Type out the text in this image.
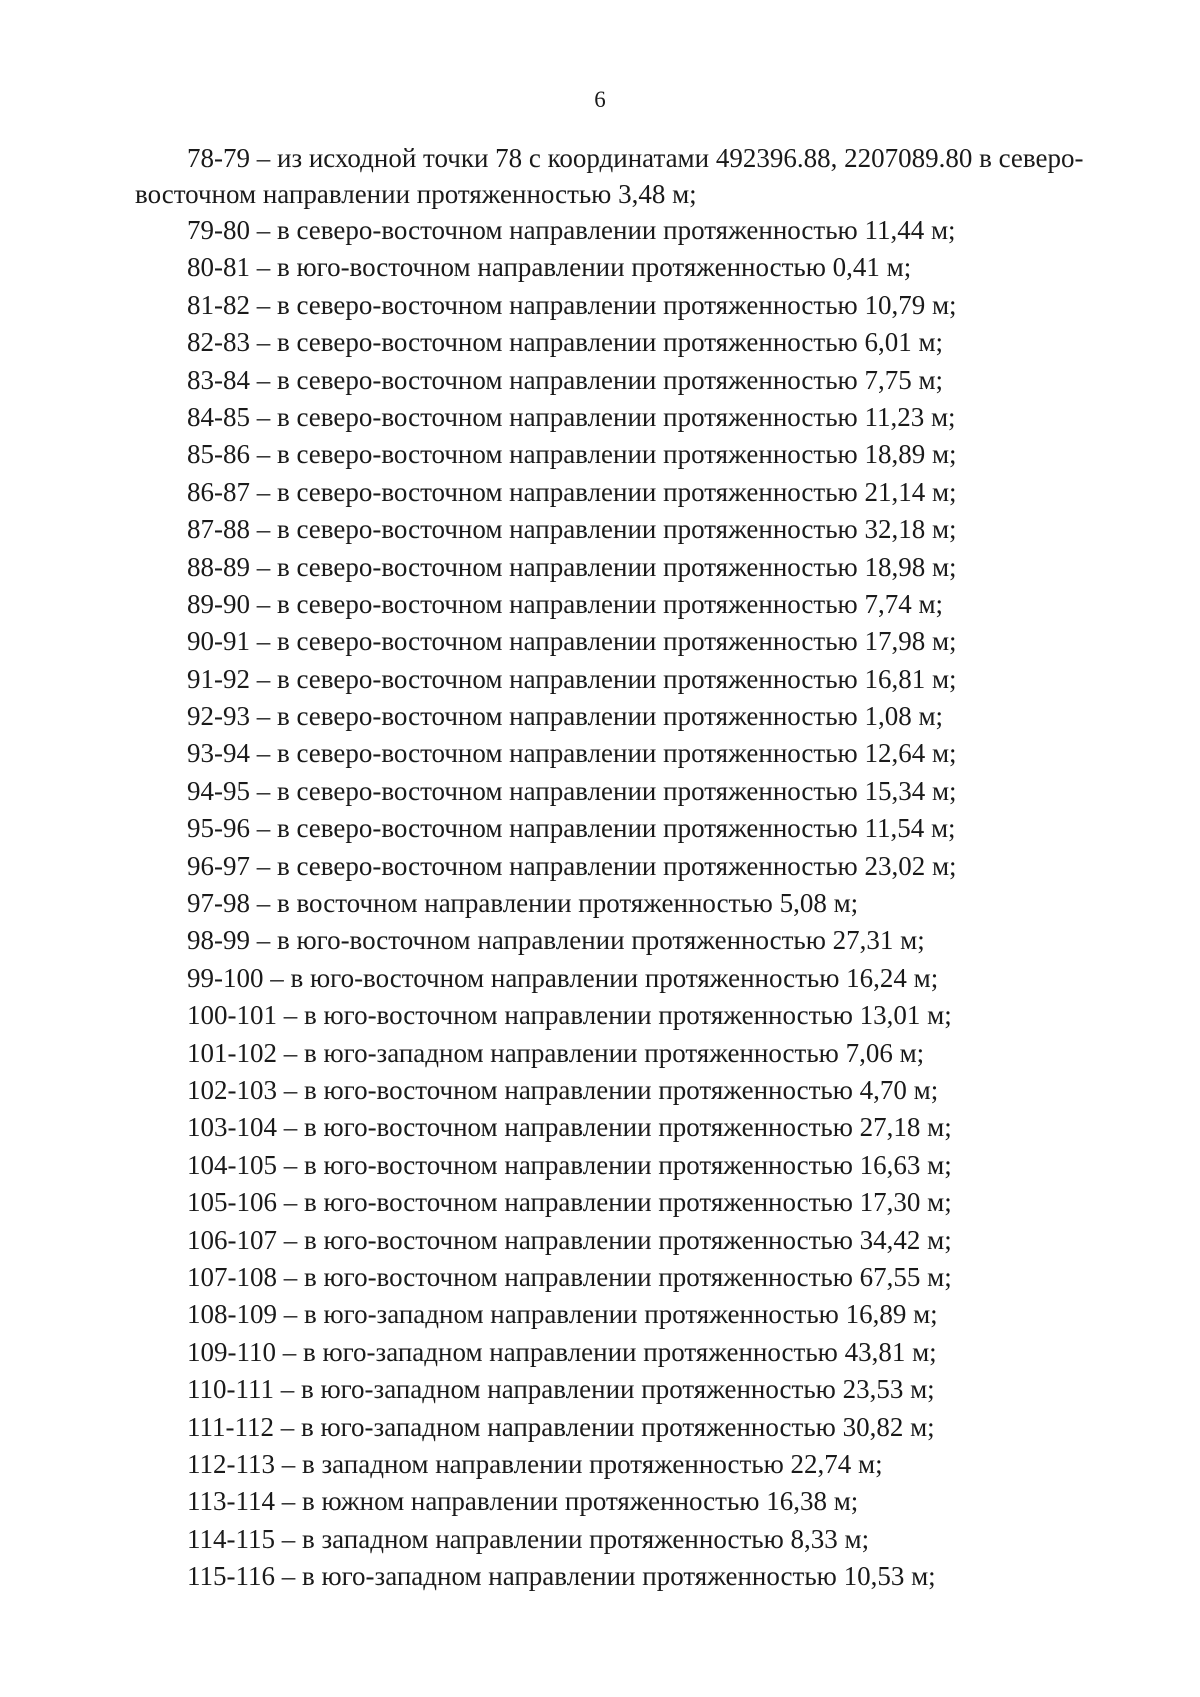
6
78-79 – из исходной точки 78 с координатами 492396.88, 2207089.80 в северо-
восточном направлении протяженностью 3,48 м;
79-80 – в северо-восточном направлении протяженностью 11,44 м;
80-81 – в юго-восточном направлении протяженностью 0,41 м;
81-82 – в северо-восточном направлении протяженностью 10,79 м;
82-83 – в северо-восточном направлении протяженностью 6,01 м;
83-84 – в северо-восточном направлении протяженностью 7,75 м;
84-85 – в северо-восточном направлении протяженностью 11,23 м;
85-86 – в северо-восточном направлении протяженностью 18,89 м;
86-87 – в северо-восточном направлении протяженностью 21,14 м;
87-88 – в северо-восточном направлении протяженностью 32,18 м;
88-89 – в северо-восточном направлении протяженностью 18,98 м;
89-90 – в северо-восточном направлении протяженностью 7,74 м;
90-91 – в северо-восточном направлении протяженностью 17,98 м;
91-92 – в северо-восточном направлении протяженностью 16,81 м;
92-93 – в северо-восточном направлении протяженностью 1,08 м;
93-94 – в северо-восточном направлении протяженностью 12,64 м;
94-95 – в северо-восточном направлении протяженностью 15,34 м;
95-96 – в северо-восточном направлении протяженностью 11,54 м;
96-97 – в северо-восточном направлении протяженностью 23,02 м;
97-98 – в восточном направлении протяженностью 5,08 м;
98-99 – в юго-восточном направлении протяженностью 27,31 м;
99-100 – в юго-восточном направлении протяженностью 16,24 м;
100-101 – в юго-восточном направлении протяженностью 13,01 м;
101-102 – в юго-западном направлении протяженностью 7,06 м;
102-103 – в юго-восточном направлении протяженностью 4,70 м;
103-104 – в юго-восточном направлении протяженностью 27,18 м;
104-105 – в юго-восточном направлении протяженностью 16,63 м;
105-106 – в юго-восточном направлении протяженностью 17,30 м;
106-107 – в юго-восточном направлении протяженностью 34,42 м;
107-108 – в юго-восточном направлении протяженностью 67,55 м;
108-109 – в юго-западном направлении протяженностью 16,89 м;
109-110 – в юго-западном направлении протяженностью 43,81 м;
110-111 – в юго-западном направлении протяженностью 23,53 м;
111-112 – в юго-западном направлении протяженностью 30,82 м;
112-113 – в западном направлении протяженностью 22,74 м;
113-114 – в южном направлении протяженностью 16,38 м;
114-115 – в западном направлении протяженностью 8,33 м;
115-116 – в юго-западном направлении протяженностью 10,53 м;
